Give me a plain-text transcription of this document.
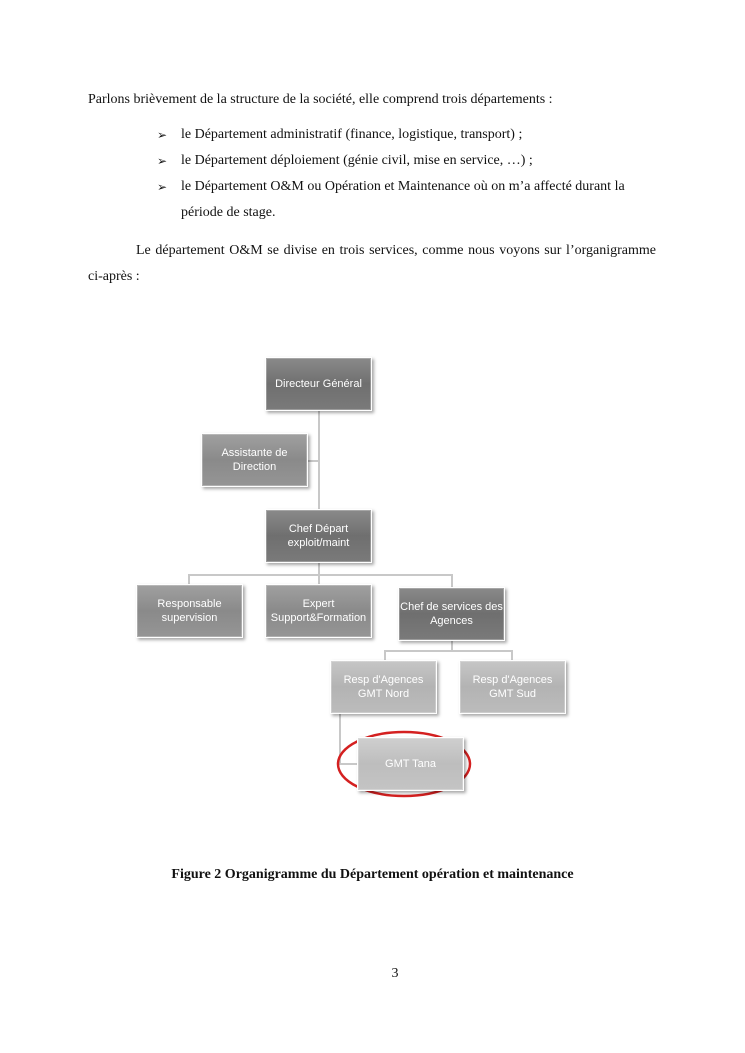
Parlons brièvement de la structure de la société, elle comprend trois départements :

➢ le Département administratif (finance, logistique, transport) ;
➢ le Département déploiement (génie civil, mise en service, …) ;
➢ le Département O&M ou Opération et Maintenance où on m’a affecté durant la période de stage.

Le département O&M se divise en trois services, comme nous voyons sur l’organigramme ci-après :

Directeur Général
Assistante de Direction
Chef Départ exploit/maint
Responsable supervision
Expert Support&Formation
Chef de services des Agences
Resp d'Agences GMT Nord
Resp d'Agences GMT Sud
GMT Tana
Figure 2 Organigramme du Département opération et maintenance
3
